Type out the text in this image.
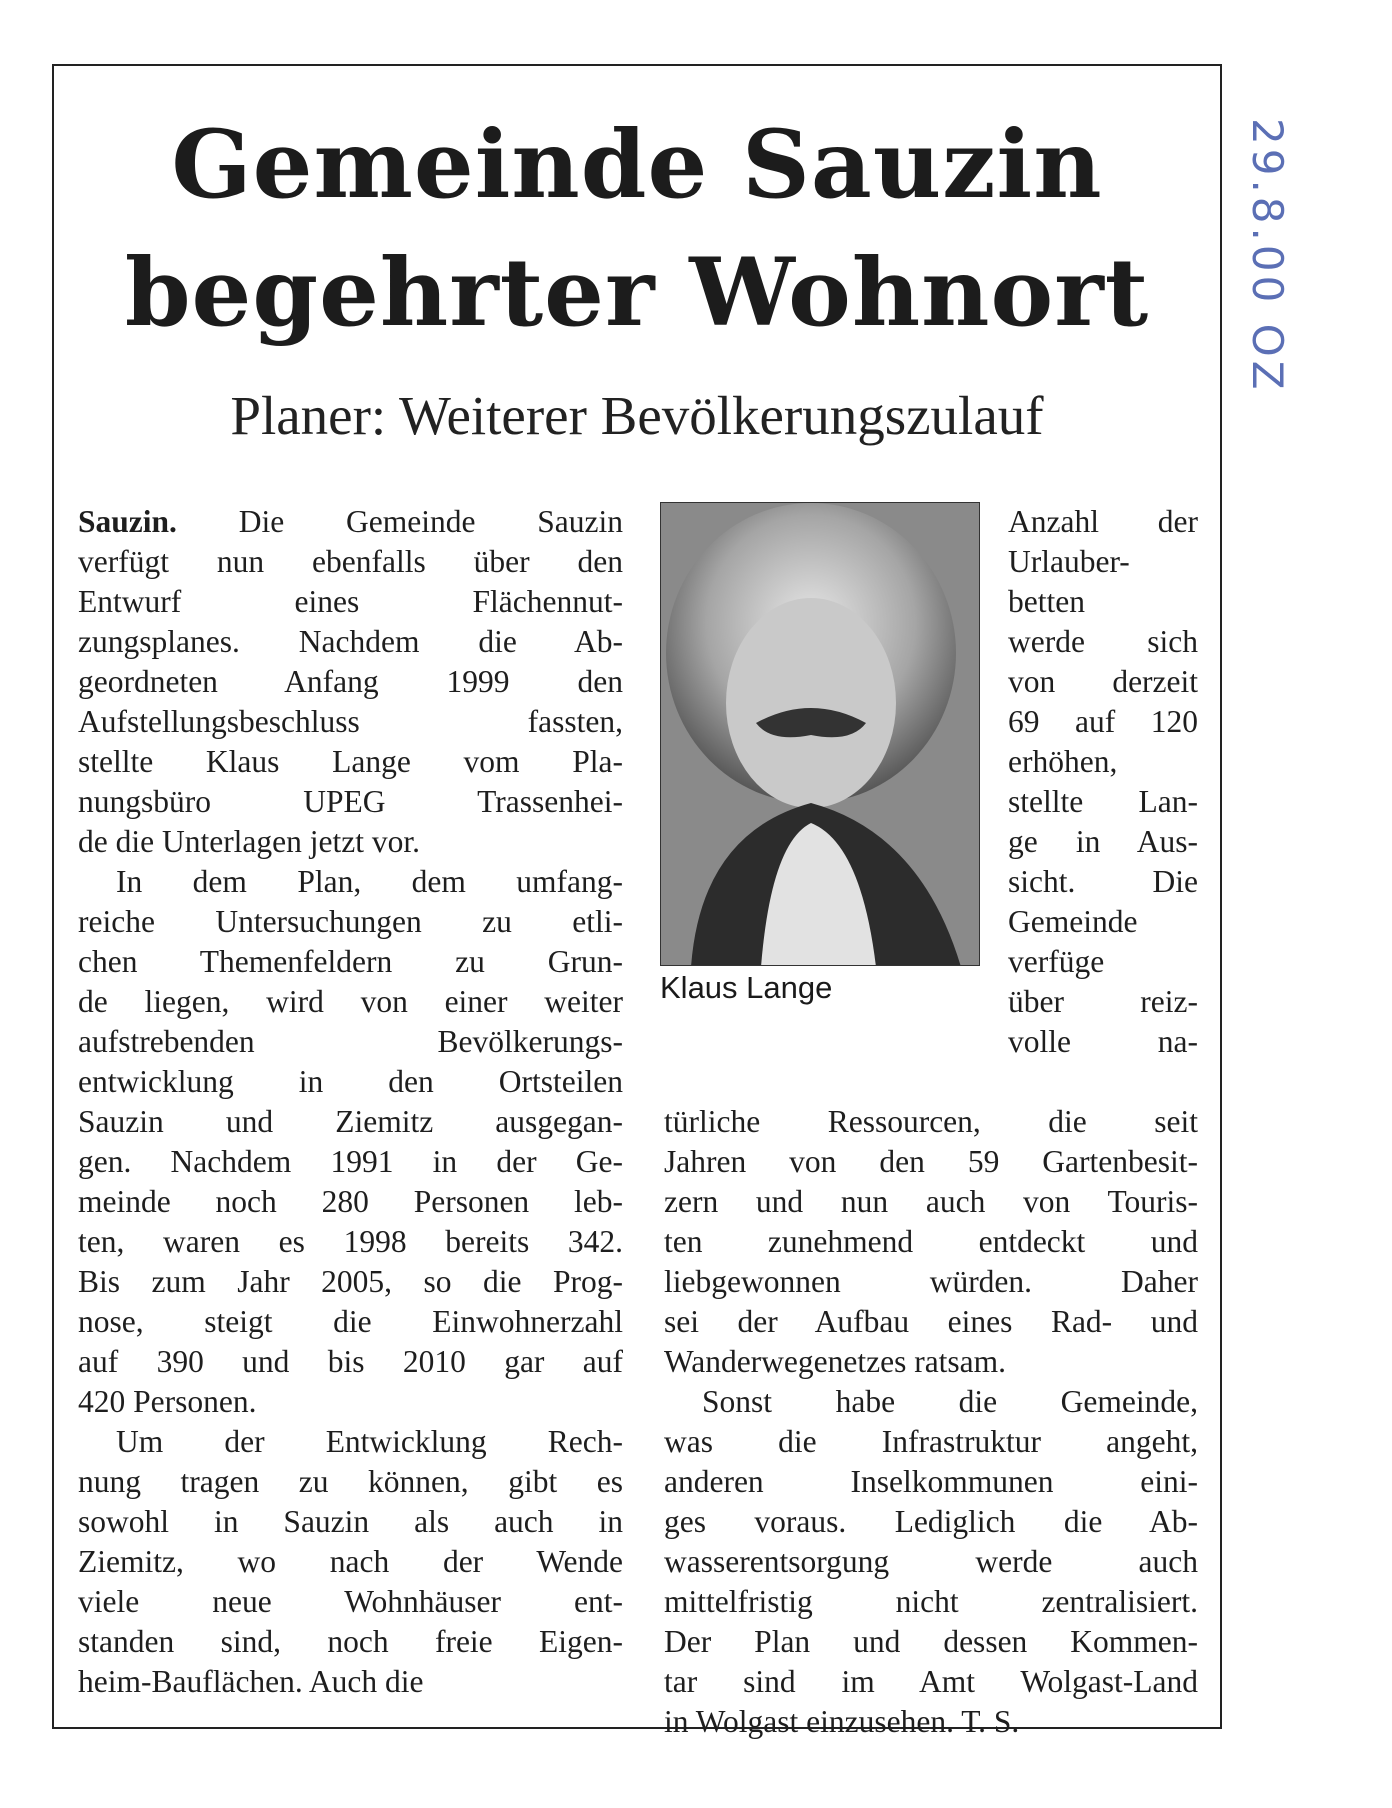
Gemeinde Sauzin
begehrter Wohnort
Planer: Weiterer Bevölkerungszulauf
Sauzin. Die Gemeinde Sauzin
verfügt nun ebenfalls über den
Entwurf eines Flächennut-
zungsplanes. Nachdem die Ab-
geordneten Anfang 1999 den
Aufstellungsbeschluss fassten,
stellte Klaus Lange vom Pla-
nungsbüro UPEG Trassenhei-
de die Unterlagen jetzt vor.
In dem Plan, dem umfang-
reiche Untersuchungen zu etli-
chen Themenfeldern zu Grun-
de liegen, wird von einer weiter
aufstrebenden Bevölkerungs-
entwicklung in den Ortsteilen
Sauzin und Ziemitz ausgegan-
gen. Nachdem 1991 in der Ge-
meinde noch 280 Personen leb-
ten, waren es 1998 bereits 342.
Bis zum Jahr 2005, so die Prog-
nose, steigt die Einwohnerzahl
auf 390 und bis 2010 gar auf
420 Personen.
Um der Entwicklung Rech-
nung tragen zu können, gibt es
sowohl in Sauzin als auch in
Ziemitz, wo nach der Wende
viele neue Wohnhäuser ent-
standen sind, noch freie Eigen-
heim-Bauflächen. Auch die
Klaus Lange
Anzahl der
Urlauber-
betten
werde sich
von derzeit
69 auf 120
erhöhen,
stellte Lan-
ge in Aus-
sicht. Die
Gemeinde
verfüge
über reiz-
volle na-
türliche Ressourcen, die seit
Jahren von den 59 Gartenbesit-
zern und nun auch von Touris-
ten zunehmend entdeckt und
liebgewonnen würden. Daher
sei der Aufbau eines Rad- und
Wanderwegenetzes ratsam.
Sonst habe die Gemeinde,
was die Infrastruktur angeht,
anderen Inselkommunen eini-
ges voraus. Lediglich die Ab-
wasserentsorgung werde auch
mittelfristig nicht zentralisiert.
Der Plan und dessen Kommen-
tar sind im Amt Wolgast-Land
in Wolgast einzusehen. T. S.
29.8.00 OZ
